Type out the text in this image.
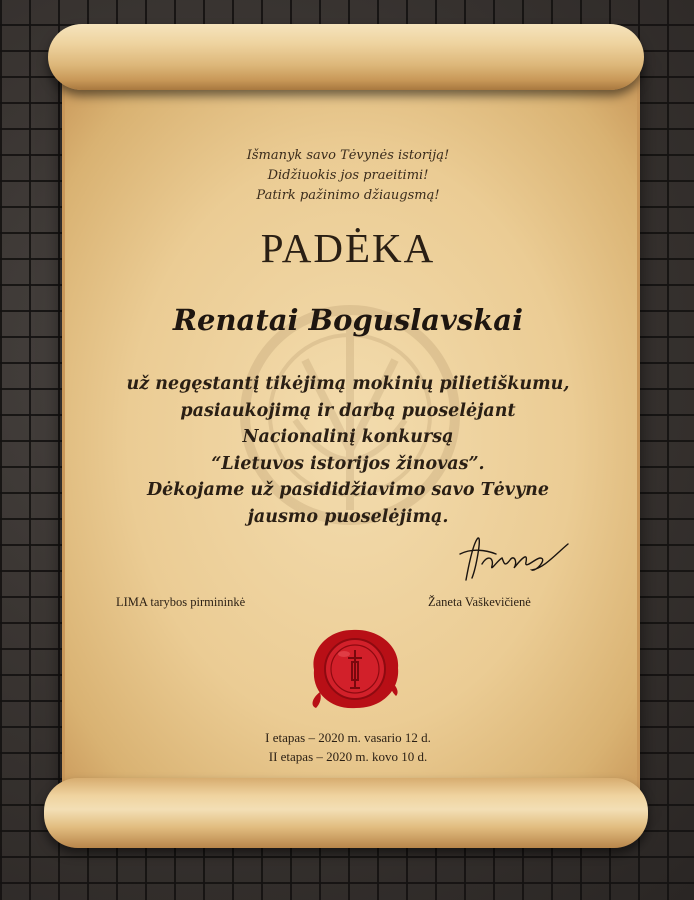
Išmanyk savo Tėvynės istoriją!
Didžiuokis jos praeitimi!
Patirk pažinimo džiaugsmą!
PADĖKA
Renatai Boguslavskai
už negęstantį tikėjimą mokinių pilietiškumu,
pasiaukojimą ir darbą puoselėjant
Nacionalinį konkursą
“Lietuvos istorijos žinovas”.
Dėkojame už pasididžiavimo savo Tėvyne
jausmo puoselėjimą.
LIMA tarybos pirmininkė	Žaneta Vaškevičienė
I etapas – 2020 m. vasario 12 d.
II etapas – 2020 m. kovo 10 d.
